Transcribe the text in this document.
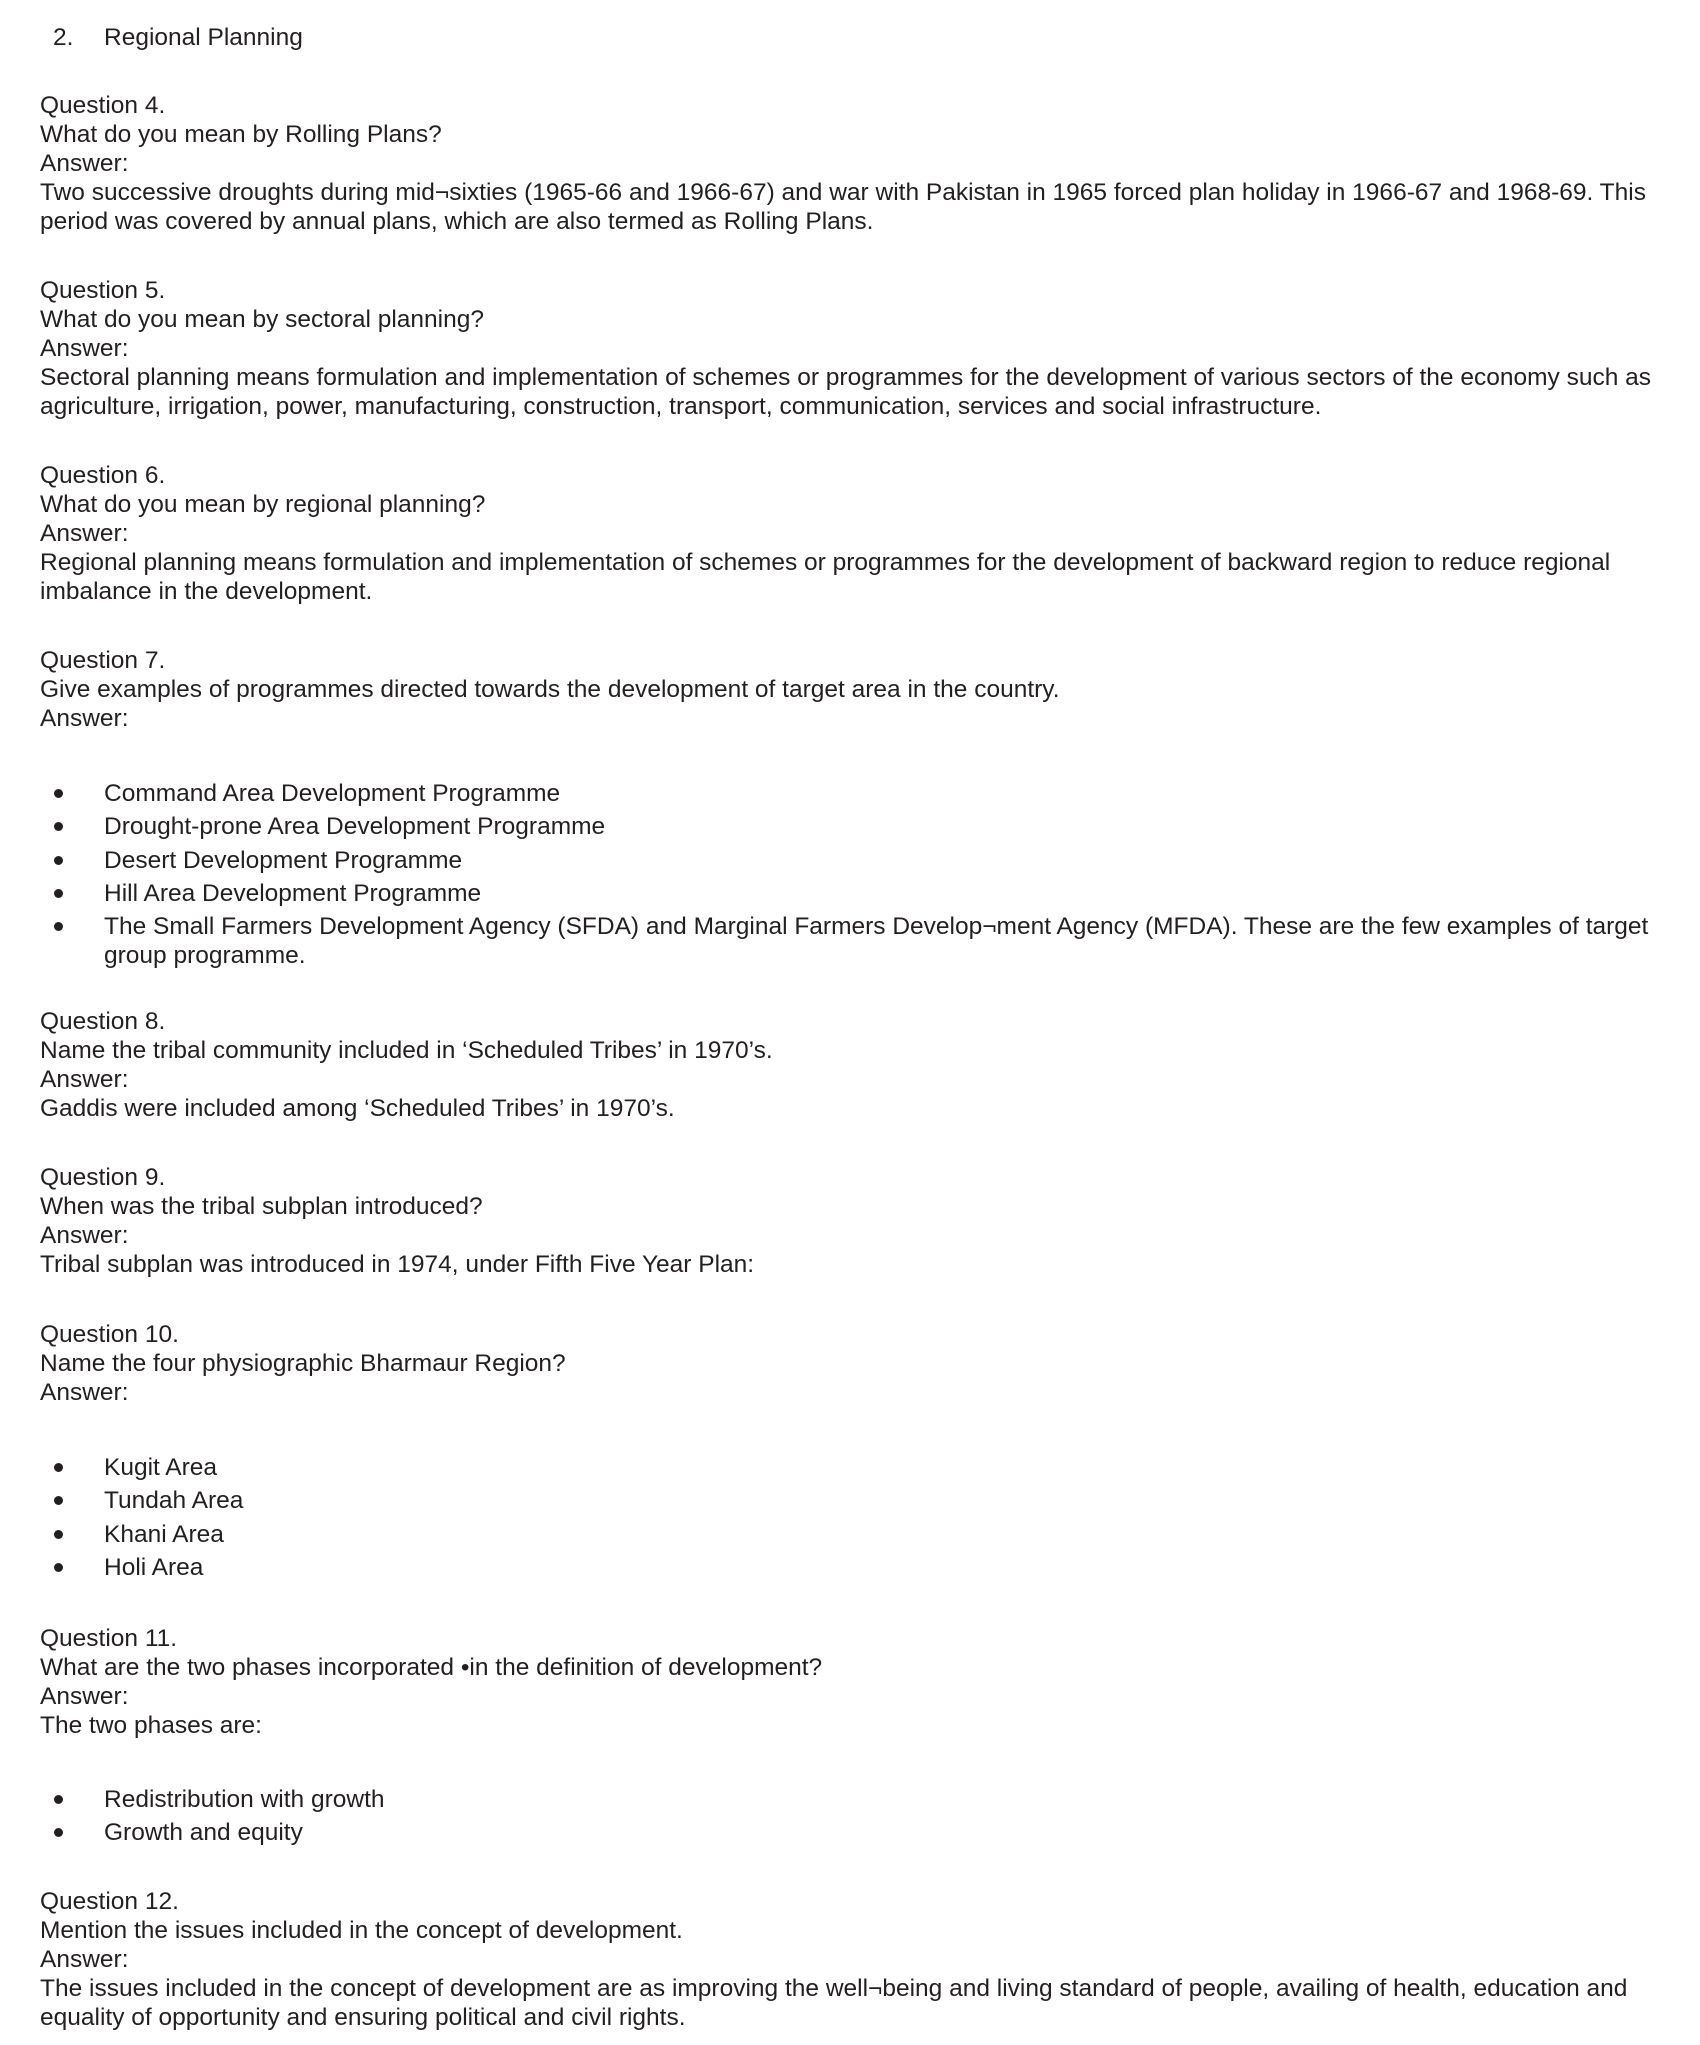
2. Regional Planning

Question 4.

What do you mean by Rolling Plans?

Answer:

Two successive droughts during mid¬sixties (1965-66 and 1966-67) and war with Pakistan in 1965 forced plan holiday in 1966-67 and 1968-69. This period was covered by annual plans, which are also termed as Rolling Plans.

Question 5.

What do you mean by sectoral planning?

Answer:

Sectoral planning means formulation and implementation of schemes or programmes for the development of various sectors of the economy such as agriculture, irrigation, power, manufacturing, construction, transport, communication, services and social infrastructure.

Question 6.

What do you mean by regional planning?

Answer:

Regional planning means formulation and implementation of schemes or programmes for the development of backward region to reduce regional imbalance in the development.

Question 7.

Give examples of programmes directed towards the development of target area in the country.

Answer:

Command Area Development Programme
Drought-prone Area Development Programme
Desert Development Programme
Hill Area Development Programme
The Small Farmers Development Agency (SFDA) and Marginal Farmers Develop¬ment Agency (MFDA). These are the few examples of target group programme.

Question 8.

Name the tribal community included in ‘Scheduled Tribes’ in 1970’s.

Answer:

Gaddis were included among ‘Scheduled Tribes’ in 1970’s.

Question 9.

When was the tribal subplan introduced?

Answer:

Tribal subplan was introduced in 1974, under Fifth Five Year Plan:

Question 10.

Name the four physiographic Bharmaur Region?

Answer:

Kugit Area
Tundah Area
Khani Area
Holi Area

Question 11.

What are the two phases incorporated •in the definition of development?

Answer:

The two phases are:

Redistribution with growth
Growth and equity

Question 12.

Mention the issues included in the concept of development.

Answer:

The issues included in the concept of development are as improving the well¬being and living standard of people, availing of health, education and equality of opportunity and ensuring political and civil rights.
